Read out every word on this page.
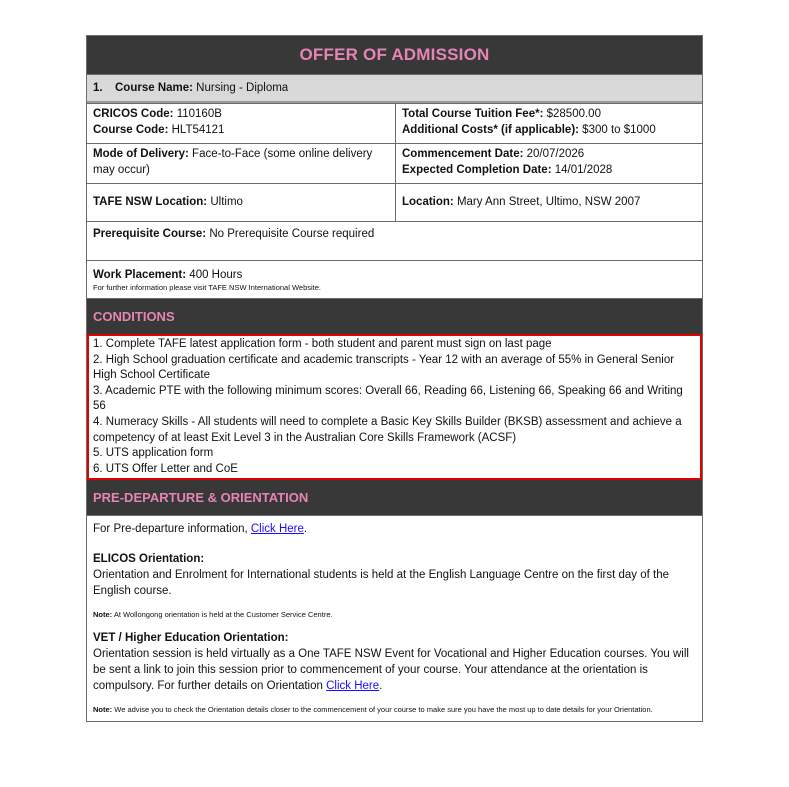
OFFER OF ADMISSION
1. Course Name: Nursing - Diploma
CRICOS Code: 110160B
Course Code: HLT54121
Total Course Tuition Fee*: $28500.00
Additional Costs* (if applicable): $300 to $1000
Mode of Delivery: Face-to-Face (some online delivery may occur)
Commencement Date: 20/07/2026
Expected Completion Date: 14/01/2028
TAFE NSW Location: Ultimo	Location: Mary Ann Street, Ultimo, NSW 2007
Prerequisite Course: No Prerequisite Course required
Work Placement: 400 Hours
For further information please visit TAFE NSW International Website.
CONDITIONS
1. Complete TAFE latest application form - both student and parent must sign on last page
2. High School graduation certificate and academic transcripts - Year 12 with an average of 55% in General Senior High School Certificate
3. Academic PTE with the following minimum scores: Overall 66, Reading 66, Listening 66, Speaking 66 and Writing 56
4. Numeracy Skills - All students will need to complete a Basic Key Skills Builder (BKSB) assessment and achieve a competency of at least Exit Level 3 in the Australian Core Skills Framework (ACSF)
5. UTS application form
6. UTS Offer Letter and CoE
PRE-DEPARTURE & ORIENTATION

For Pre-departure information, Click Here.

ELICOS Orientation:

Orientation and Enrolment for International students is held at the English Language Centre on the first day of the English course.

Note: At Wollongong orientation is held at the Customer Service Centre.

VET / Higher Education Orientation:

Orientation session is held virtually as a One TAFE NSW Event for Vocational and Higher Education courses. You will be sent a link to join this session prior to commencement of your course. Your attendance at the orientation is compulsory. For further details on Orientation Click Here.

Note: We advise you to check the Orientation details closer to the commencement of your course to make sure you have the most up to date details for your Orientation.
